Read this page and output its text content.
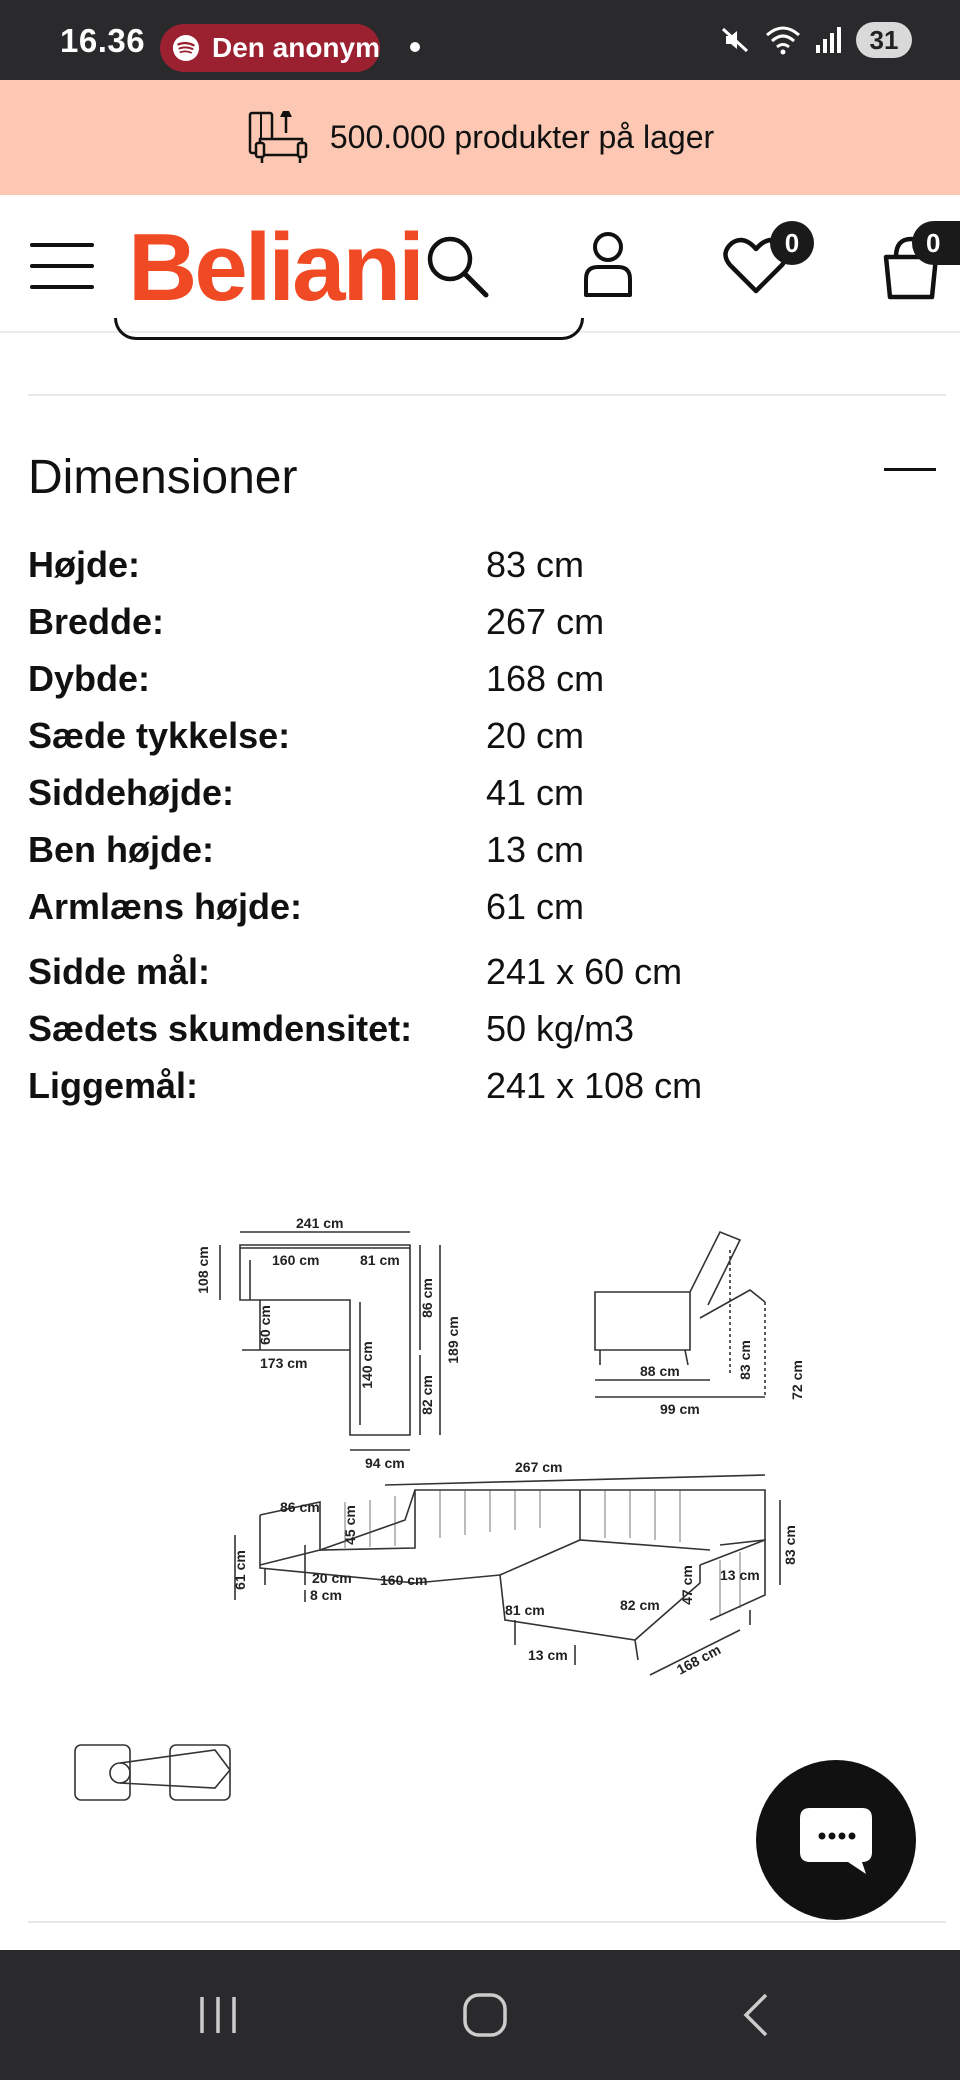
16.36 Den anonym	31
500.000 produkter på lager
Beliani	0	0
Dimensioner
Højde:	83 cm
Bredde:	267 cm
Dybde:	168 cm
Sæde tykkelse:	20 cm
Siddehøjde:	41 cm
Ben højde:	13 cm
Armlæns højde:	61 cm
Sidde mål:	241 x 60 cm
Sædets skumdensitet:	50 kg/m3
Liggemål:	241 x 108 cm
241 cm
160 cm	81 cm
108 cm
60 cm
173 cm	140 cm
86 cm
82 cm
189 cm
94 cm
83 cm
72 cm
88 cm
99 cm
267 cm
86 cm 45 cm
13 cm
61 cm	20 cm 160 cm
8 cm	47 cm
83 cm
81 cm	82 cm
13 cm	168 cm
